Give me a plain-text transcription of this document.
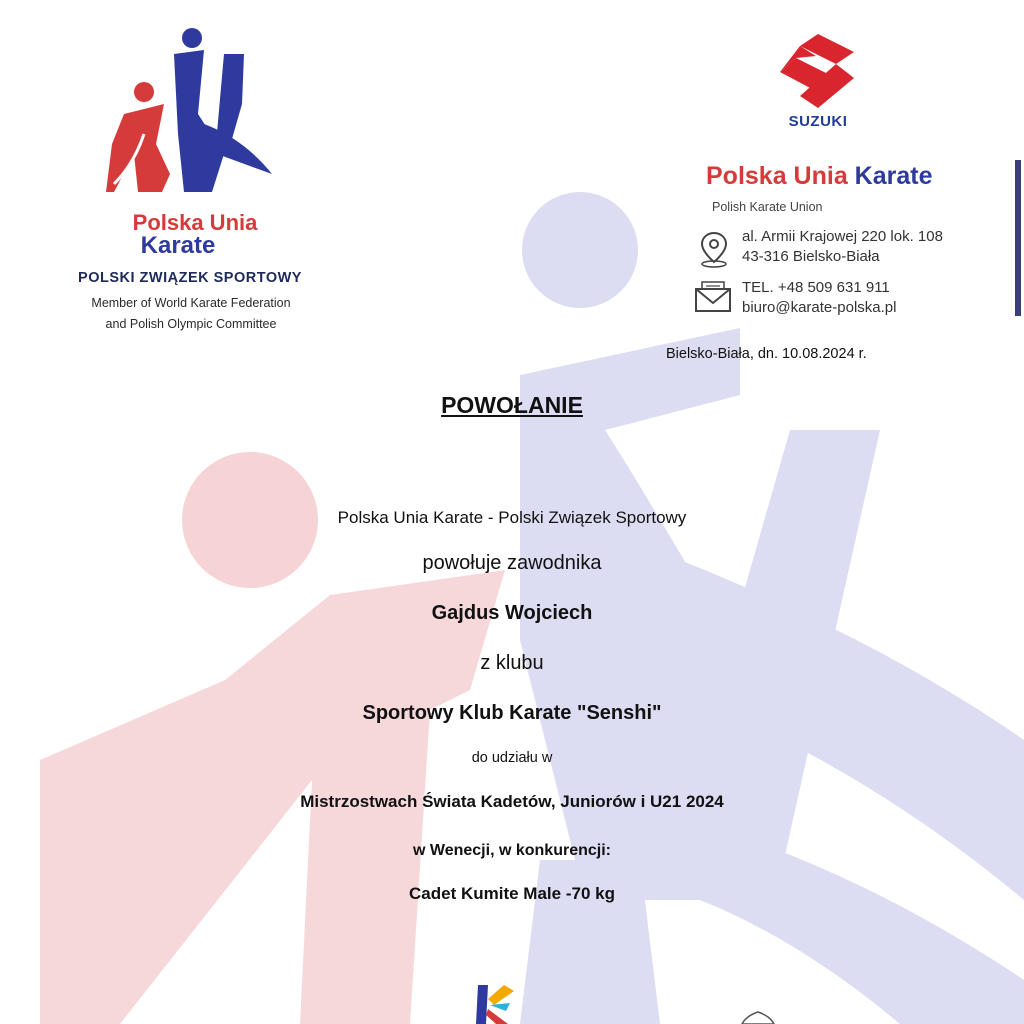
Polska Unia
Karate
POLSKI ZWIĄZEK SPORTOWY
Member of World Karate Federation
and Polish Olympic Committee
SUZUKI
Polska Unia Karate
Polish Karate Union
al. Armii Krajowej 220 lok. 108
43-316 Bielsko-Biała
TEL. +48 509 631 911
biuro@karate-polska.pl
Bielsko-Biała, dn. 10.08.2024 r.
POWOŁANIE
Polska Unia Karate - Polski Związek Sportowy
powołuje zawodnika
Gajdus Wojciech
z klubu
Sportowy Klub Karate "Senshi"
do udziału w
Mistrzostwach Świata Kadetów, Juniorów i U21 2024
w Wenecji, w konkurencji:
Cadet Kumite Male -70 kg
